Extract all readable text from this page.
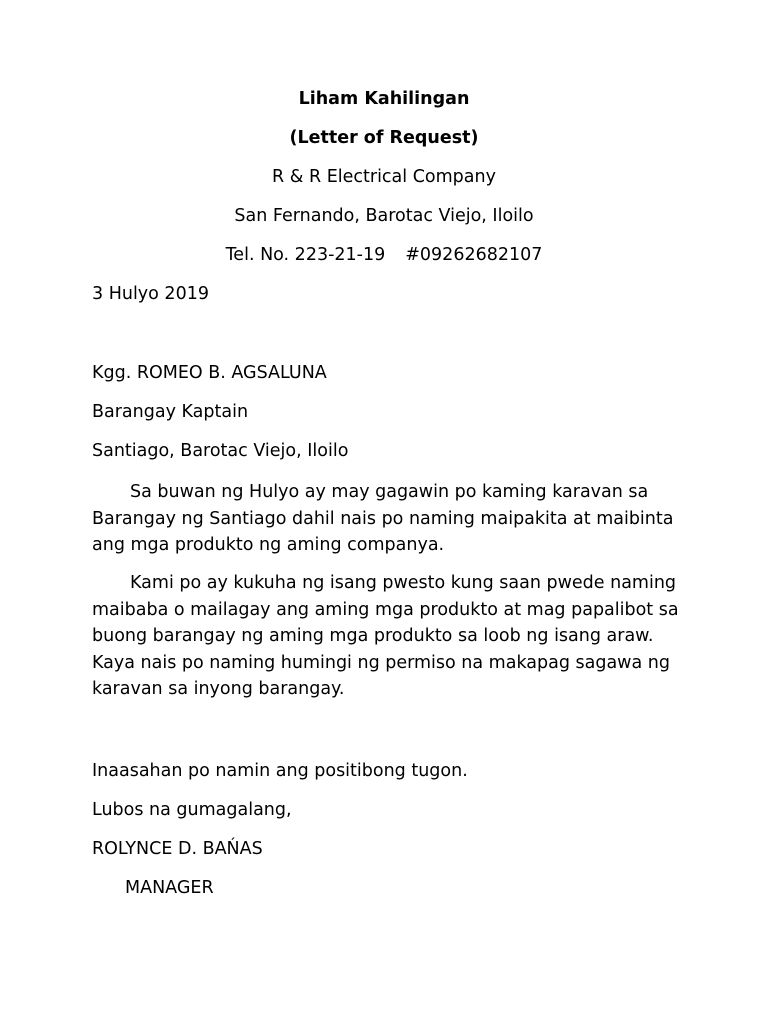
Liham Kahilingan
(Letter of Request)
R & R Electrical Company
San Fernando, Barotac Viejo, Iloilo
Tel. No. 223-21-19 #09262682107
3 Hulyo 2019
Kgg. ROMEO B. AGSALUNA
Barangay Kaptain
Santiago, Barotac Viejo, Iloilo

Sa buwan ng Hulyo ay may gagawin po kaming karavan sa Barangay ng Santiago dahil nais po naming maipakita at maibinta ang mga produkto ng aming companya.

Kami po ay kukuha ng isang pwesto kung saan pwede naming maibaba o mailagay ang aming mga produkto at mag papalibot sa buong barangay ng aming mga produkto sa loob ng isang araw. Kaya nais po naming humingi ng permiso na makapag sagawa ng karavan sa inyong barangay.

Inaasahan po namin ang positibong tugon.
Lubos na gumagalang,
ROLYNCE D. BAŃAS
MANAGER
